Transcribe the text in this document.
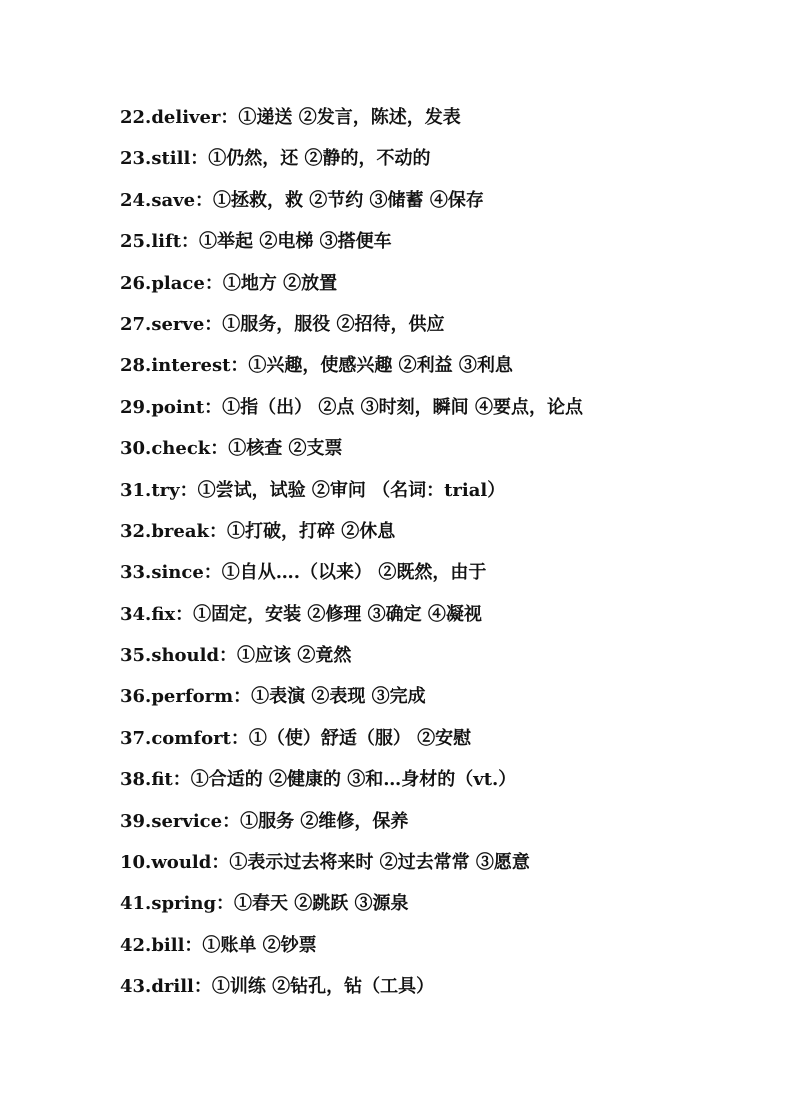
22.deliver：①递送 ②发言，陈述，发表
23.still：①仍然，还 ②静的，不动的
24.save：①拯救，救 ②节约 ③储蓄 ④保存
25.lift：①举起 ②电梯 ③搭便车
26.place：①地方 ②放置
27.serve：①服务，服役 ②招待，供应
28.interest：①兴趣，使感兴趣 ②利益 ③利息
29.point：①指（出） ②点 ③时刻，瞬间 ④要点，论点
30.check：①核查 ②支票
31.try：①尝试，试验 ②审问 （名词：trial）
32.break：①打破，打碎 ②休息
33.since：①自从….（以来） ②既然，由于
34.fix：①固定，安装 ②修理 ③确定 ④凝视
35.should：①应该 ②竟然
36.perform：①表演 ②表现 ③完成
37.comfort：①（使）舒适（服） ②安慰
38.fit：①合适的 ②健康的 ③和…身材的（vt.）
39.service：①服务 ②维修，保养
10.would：①表示过去将来时 ②过去常常 ③愿意
41.spring：①春天 ②跳跃 ③源泉
42.bill：①账单 ②钞票
43.drill：①训练 ②钻孔，钻（工具）
